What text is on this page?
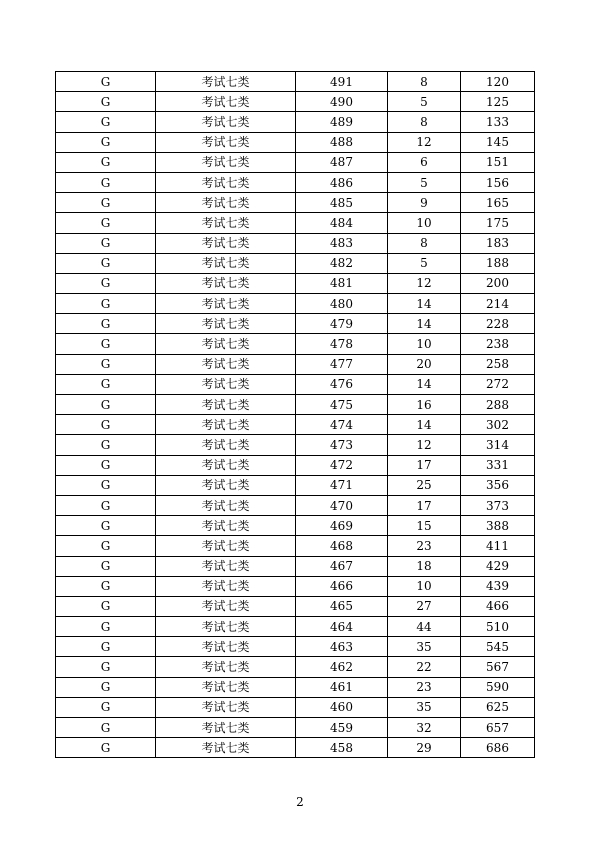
G	考试七类	491	8	120
G	考试七类	490	5	125
G	考试七类	489	8	133
G	考试七类	488	12	145
G	考试七类	487	6	151
G	考试七类	486	5	156
G	考试七类	485	9	165
G	考试七类	484	10	175
G	考试七类	483	8	183
G	考试七类	482	5	188
G	考试七类	481	12	200
G	考试七类	480	14	214
G	考试七类	479	14	228
G	考试七类	478	10	238
G	考试七类	477	20	258
G	考试七类	476	14	272
G	考试七类	475	16	288
G	考试七类	474	14	302
G	考试七类	473	12	314
G	考试七类	472	17	331
G	考试七类	471	25	356
G	考试七类	470	17	373
G	考试七类	469	15	388
G	考试七类	468	23	411
G	考试七类	467	18	429
G	考试七类	466	10	439
G	考试七类	465	27	466
G	考试七类	464	44	510
G	考试七类	463	35	545
G	考试七类	462	22	567
G	考试七类	461	23	590
G	考试七类	460	35	625
G	考试七类	459	32	657
G	考试七类	458	29	686
2
